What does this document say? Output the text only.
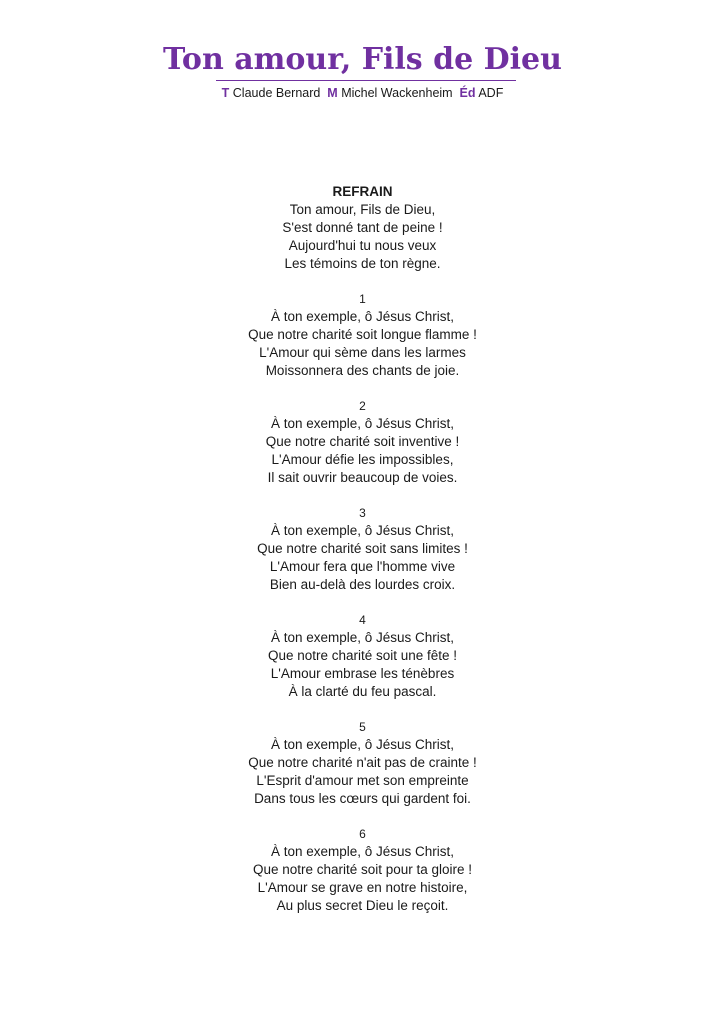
Ton amour, Fils de Dieu
T Claude Bernard M Michel Wackenheim Éd ADF
REFRAIN
Ton amour, Fils de Dieu,
S'est donné tant de peine !
Aujourd'hui tu nous veux
Les témoins de ton règne.
1
À ton exemple, ô Jésus Christ,
Que notre charité soit longue flamme !
L'Amour qui sème dans les larmes
Moissonnera des chants de joie.
2
À ton exemple, ô Jésus Christ,
Que notre charité soit inventive !
L'Amour défie les impossibles,
Il sait ouvrir beaucoup de voies.
3
À ton exemple, ô Jésus Christ,
Que notre charité soit sans limites !
L'Amour fera que l'homme vive
Bien au-delà des lourdes croix.
4
À ton exemple, ô Jésus Christ,
Que notre charité soit une fête !
L'Amour embrase les ténèbres
À la clarté du feu pascal.
5
À ton exemple, ô Jésus Christ,
Que notre charité n'ait pas de crainte !
L'Esprit d'amour met son empreinte
Dans tous les cœurs qui gardent foi.
6
À ton exemple, ô Jésus Christ,
Que notre charité soit pour ta gloire !
L'Amour se grave en notre histoire,
Au plus secret Dieu le reçoit.
